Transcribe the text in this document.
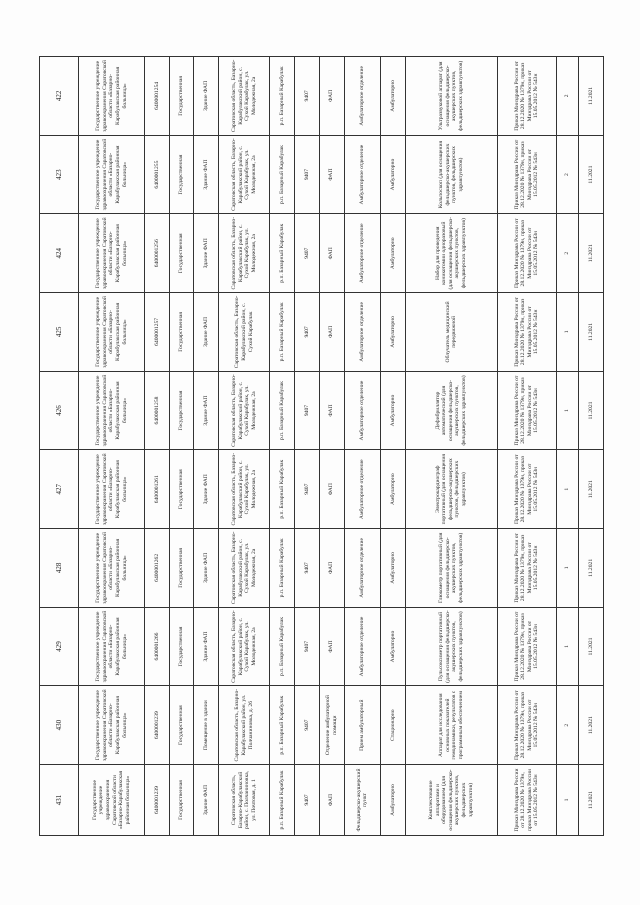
431	430	429	428	427	426	425	424	423	422
Государственное учреждение здравоохранения Саратовской области «Базарно-Карабулакская районная больница»	Государственное учреждение здравоохранения Саратовской области «Базарно-Карабулакская районная больница»	Государственное учреждение здравоохранения Саратовской области «Базарно-Карабулакская районная больница»	Государственное учреждение здравоохранения Саратовской области «Базарно-Карабулакская районная больница»	Государственное учреждение здравоохранения Саратовской области «Базарно-Карабулакская районная больница»	Государственное учреждение здравоохранения Саратовской области «Базарно-Карабулакская районная больница»	Государственное учреждение здравоохранения Саратовской области «Базарно-Карабулакская районная больница»	Государственное учреждение здравоохранения Саратовской области «Базарно-Карабулакская районная больница»	Государственное учреждение здравоохранения Саратовской области «Базарно-Карабулакская районная больница»	Государственное учреждение здравоохранения Саратовской области «Базарно-Карабулакская районная больница»
6400001239	6400001239	6400001266	6400001262	6400001261	6400001258	6400001257	6400001256	6400001255	6400001254
Государственная	Государственная	Государственная	Государственная	Государственная	Государственная	Государственная	Государственная	Государственная	Государственная
Здание ФАП	Помещение в здании	Здание ФАП	Здание ФАП	Здание ФАП	Здание ФАП	Здание ФАП	Здание ФАП	Здание ФАП	Здание ФАП
Саратовская область, Базарно-Карабулакский район, с. Полчаниновка, ул. Почтовая, д. 1	Саратовская область, Базарно-Карабулакский район, ул. Полчаниновка, д. 26	Саратовская область, Базарно-Карабулакский район, с. Сухой Карабулак, ул. Молодежная, 2а	Саратовская область, Базарно-Карабулакский район, с. Сухой Карабулак, ул. Молодежная, 2а	Саратовская область, Базарно-Карабулакский район, с. Сухой Карабулак, ул. Молодежная, 2а	Саратовская область, Базарно-Карабулакский район, с. Сухой Карабулак, ул. Молодежная, 2а	Саратовская область, Базарно-Карабулакский район, с. Сухой Карабулак	Саратовская область, Базарно-Карабулакский район, с. Сухой Карабулак, ул. Молодежная, 2а	Саратовская область, Базарно-Карабулакский район, с. Сухой Карабулак, ул. Молодежная, 2а	Саратовская область, Базарно-Карабулакский район, с. Сухой Карабулак, ул. Молодежная, 2а
р.п. Базарный Карабулак	р.п. Базарный Карабулак	р.п. Базарный Карабулак	р.п. Базарный Карабулак	р.п. Базарный Карабулак	р.п. Базарный Карабулак	р.п. Базарный Карабулак	р.п. Базарный Карабулак	р.п. Базарный Карабулак	р.п. Базарный Карабулак
9407	9407	9407	9407	9407	9407	9407	9407	9407	9407
ФАП	Отделение амбулаторной помощи	ФАП	ФАП	ФАП	ФАП	ФАП	ФАП	ФАП	ФАП
Фельдшерско-акушерский пункт	Прием амбулаторный	Амбулаторное отделение	Амбулаторное отделение	Амбулаторное отделение	Амбулаторное отделение	Амбулаторное отделение	Амбулаторное отделение	Амбулаторное отделение	Амбулаторное отделение
Амбулаторно	Стационарно	Амбулаторно	Амбулаторно	Амбулаторно	Амбулаторно	Амбулаторно	Амбулаторно	Амбулаторно	Амбулаторно
Комплектование аппаратами и оборудованием (для оснащения фельдшерско-акушерских пунктов, фельдшерских здравпунктов)	Аппарат для исследования основных показателей гемодинамики, результатов с программным обеспечением	Пульсоксиметр портативный (для оснащения фельдшерско-акушерских пунктов, фельдшерских здравпунктов)	Глюкометр портативный (для оснащения фельдшерско-акушерских пунктов, фельдшерских здравпунктов)	Электрокардиограф портативный (для оснащения фельдшерско-акушерских пунктов, фельдшерских здравпунктов)	Дефибриллятор автоматический (для оснащения фельдшерско-акушерских пунктов, фельдшерских здравпунктов)	Облучатель медицинский передвижной	Набор для проведения коникотомии одноразовый (для оснащения фельдшерско-акушерских пунктов, фельдшерских здравпунктов)	Кольпоскоп (для оснащения фельдшерско-акушерских пунктов, фельдшерских здравпунктов)	Ультразвуковой аппарат (для оснащения фельдшерско-акушерских пунктов, фельдшерских здравпунктов)
Приказ Минздрава России от 28.12.2020 № 1379н, приказ Минздрава России от 15.05.2012 № 543н	Приказ Минздрава России от 28.12.2020 № 1379н, приказ Минздрава России от 15.05.2012 № 543н	Приказ Минздрава России от 28.12.2020 № 1379н, приказ Минздрава России от 15.05.2012 № 543н	Приказ Минздрава России от 28.12.2020 № 1379н, приказ Минздрава России от 15.05.2012 № 543н	Приказ Минздрава России от 28.12.2020 № 1379н, приказ Минздрава России от 15.05.2012 № 543н	Приказ Минздрава России от 28.12.2020 № 1379н, приказ Минздрава России от 15.05.2012 № 543н	Приказ Минздрава России от 28.12.2020 № 1379н, приказ Минздрава России от 15.05.2012 № 543н	Приказ Минздрава России от 28.12.2020 № 1379н, приказ Минздрава России от 15.05.2012 № 543н	Приказ Минздрава России от 28.12.2020 № 1379н, приказ Минздрава России от 15.05.2012 № 543н	Приказ Минздрава России от 28.12.2020 № 1379н, приказ Минздрава России от 15.05.2012 № 543н
1	2	1	1	1	1	1	2	2	2
11.2021	11.2021	11.2021	11.2021	11.2021	11.2021	11.2021	11.2021	11.2021	11.2021
